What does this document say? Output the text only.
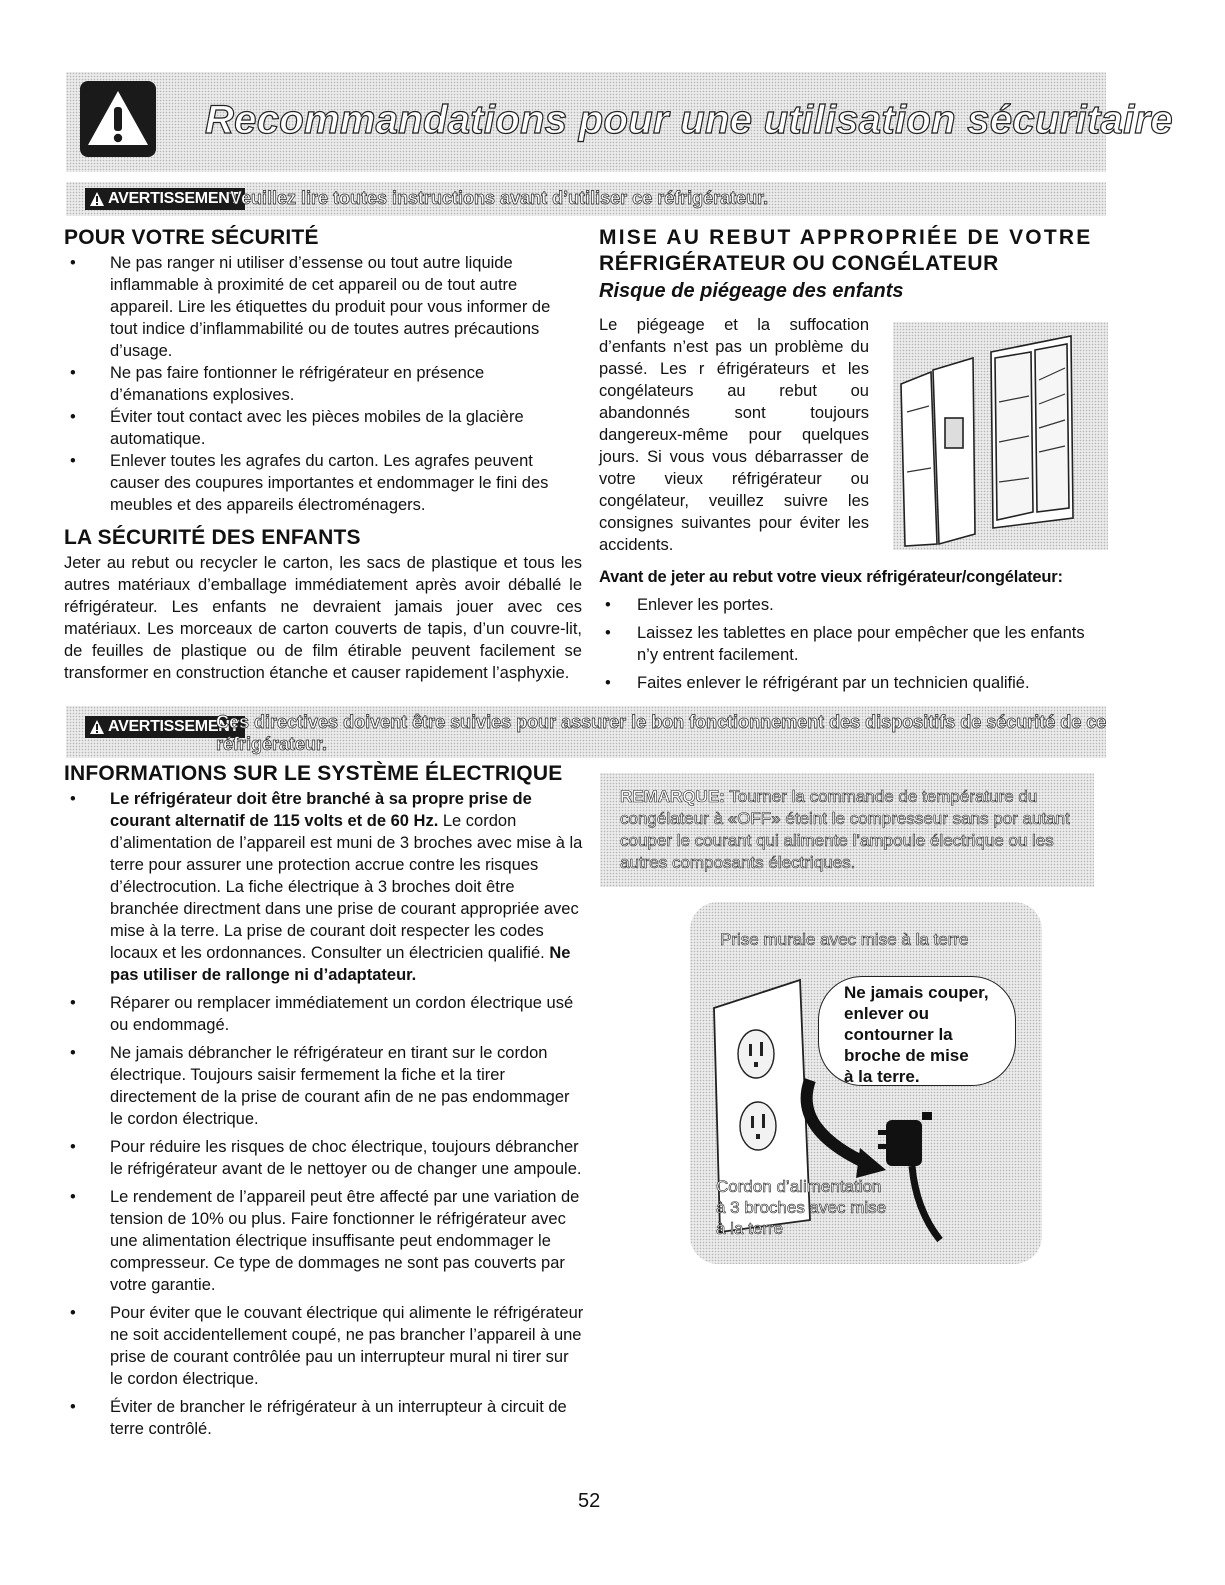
Recommandations pour une utilisation sécuritaire
AVERTISSEMENT
Veuillez lire toutes instructions avant d’utiliser ce réfrigérateur.
POUR VOTRE SÉCURITÉ
• Ne pas ranger ni utiliser d’essense ou tout autre liquide inflammable à proximité de cet appareil ou de tout autre appareil. Lire les étiquettes du produit pour vous informer de tout indice d’inflammabilité ou de toutes autres précautions d’usage.
• Ne pas faire fontionner le réfrigérateur en présence d’émanations explosives.
• Éviter tout contact avec les pièces mobiles de la glacière automatique.
• Enlever toutes les agrafes du carton. Les agrafes peuvent causer des coupures importantes et endommager le fini des meubles et des appareils électroménagers.
LA SÉCURITÉ DES ENFANTS
Jeter au rebut ou recycler le carton, les sacs de plastique et tous les autres matériaux d’emballage immédiatement après avoir déballé le réfrigérateur. Les enfants ne devraient jamais jouer avec ces matériaux. Les morceaux de carton couverts de tapis, d’un couvre-lit, de feuilles de plastique ou de film étirable peuvent facilement se transformer en construction étanche et causer rapidement l’asphyxie.
MISE AU REBUT APPROPRIÉE DE VOTRE
RÉFRIGÉRATEUR OU CONGÉLATEUR
Risque de piégeage des enfants
Le piégeage et la suffocation d’enfants n’est pas un problème du passé. Les r éfrigérateurs et les congélateurs au rebut ou abandonnés sont toujours dangereux-même pour quelques jours. Si vous vous débarrasser de votre vieux réfrigérateur ou congélateur, veuillez suivre les consignes suivantes pour éviter les accidents.
Avant de jeter au rebut votre vieux réfrigérateur/congélateur:
• Enlever les portes.
• Laissez les tablettes en place pour empêcher que les enfants n’y entrent facilement.
• Faites enlever le réfrigérant par un technicien qualifié.
AVERTISSEMENT
Ces directives doivent être suivies pour assurer le bon fonctionnement des dispositifs de sécurité de ce
réfrigérateur.
INFORMATIONS SUR LE SYSTÈME ÉLECTRIQUE
• Le réfrigérateur doit être branché à sa propre prise de courant alternatif de 115 volts et de 60 Hz. Le cordon d’alimentation de l’appareil est muni de 3 broches avec mise à la terre pour assurer une protection accrue contre les risques d’électrocution. La fiche électrique à 3 broches doit être branchée directment dans une prise de courant appropriée avec mise à la terre. La prise de courant doit respecter les codes locaux et les ordonnances. Consulter un électricien qualifié. Ne pas utiliser de rallonge ni d’adaptateur.
• Réparer ou remplacer immédiatement un cordon électrique usé ou endommagé.
• Ne jamais débrancher le réfrigérateur en tirant sur le cordon électrique. Toujours saisir fermement la fiche et la tirer directement de la prise de courant afin de ne pas endommager le cordon électrique.
• Pour réduire les risques de choc électrique, toujours débrancher le réfrigérateur avant de le nettoyer ou de changer une ampoule.
• Le rendement de l’appareil peut être affecté par une variation de tension de 10% ou plus. Faire fonctionner le réfrigérateur avec une alimentation électrique insuffisante peut endommager le compresseur. Ce type de dommages ne sont pas couverts par votre garantie.
• Pour éviter que le couvant électrique qui alimente le réfrigérateur ne soit accidentellement coupé, ne pas brancher l’appareil à une prise de courant contrôlée pau un interrupteur mural ni tirer sur le cordon électrique.
• Éviter de brancher le réfrigérateur à un interrupteur à circuit de terre contrôlé.
REMARQUE: Tourner la commande de température du congélateur à «OFF» éteint le compresseur sans por autant couper le courant qui alimente l’ampoule électrique ou les autres composants électriques.
Prise murale avec mise à la terre
Ne jamais couper,
enlever ou
contourner la
broche de mise
à la terre.
Cordon d’alimentation
à 3 broches avec mise
à la terre
52
